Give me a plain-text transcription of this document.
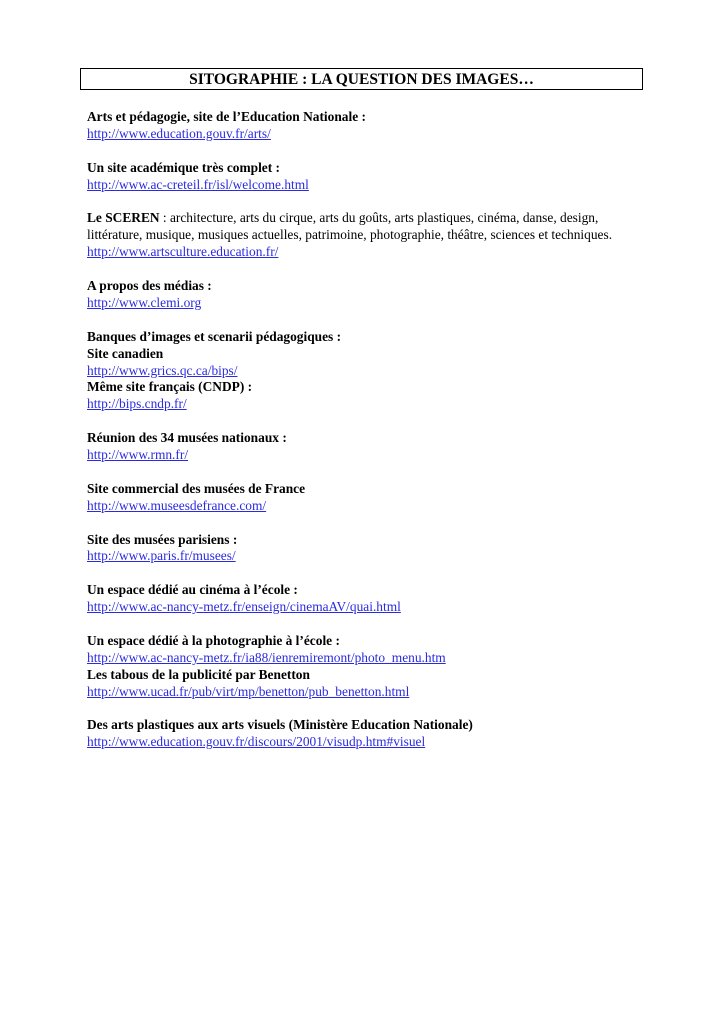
SITOGRAPHIE : LA QUESTION DES IMAGES…
Arts et pédagogie, site de l’Education Nationale :
http://www.education.gouv.fr/arts/
Un site académique très complet :
http://www.ac-creteil.fr/isl/welcome.html
Le SCEREN : architecture, arts du cirque, arts du goûts, arts plastiques, cinéma, danse, design, littérature, musique, musiques actuelles, patrimoine, photographie, théâtre, sciences et techniques.
http://www.artsculture.education.fr/
A propos des médias :
http://www.clemi.org
Banques d’images et scenarii pédagogiques :
Site canadien
http://www.grics.qc.ca/bips/
Même site français (CNDP) :
http://bips.cndp.fr/
Réunion des 34 musées nationaux :
http://www.rmn.fr/
Site commercial des musées de France
http://www.museesdefrance.com/
Site des musées parisiens :
http://www.paris.fr/musees/
Un espace dédié au cinéma à l’école :
http://www.ac-nancy-metz.fr/enseign/cinemaAV/quai.html
Un espace dédié à la photographie à l’école :
http://www.ac-nancy-metz.fr/ia88/ienremiremont/photo_menu.htm
Les tabous de la publicité par Benetton
http://www.ucad.fr/pub/virt/mp/benetton/pub_benetton.html
Des arts plastiques aux arts visuels (Ministère Education Nationale)
http://www.education.gouv.fr/discours/2001/visudp.htm#visuel
